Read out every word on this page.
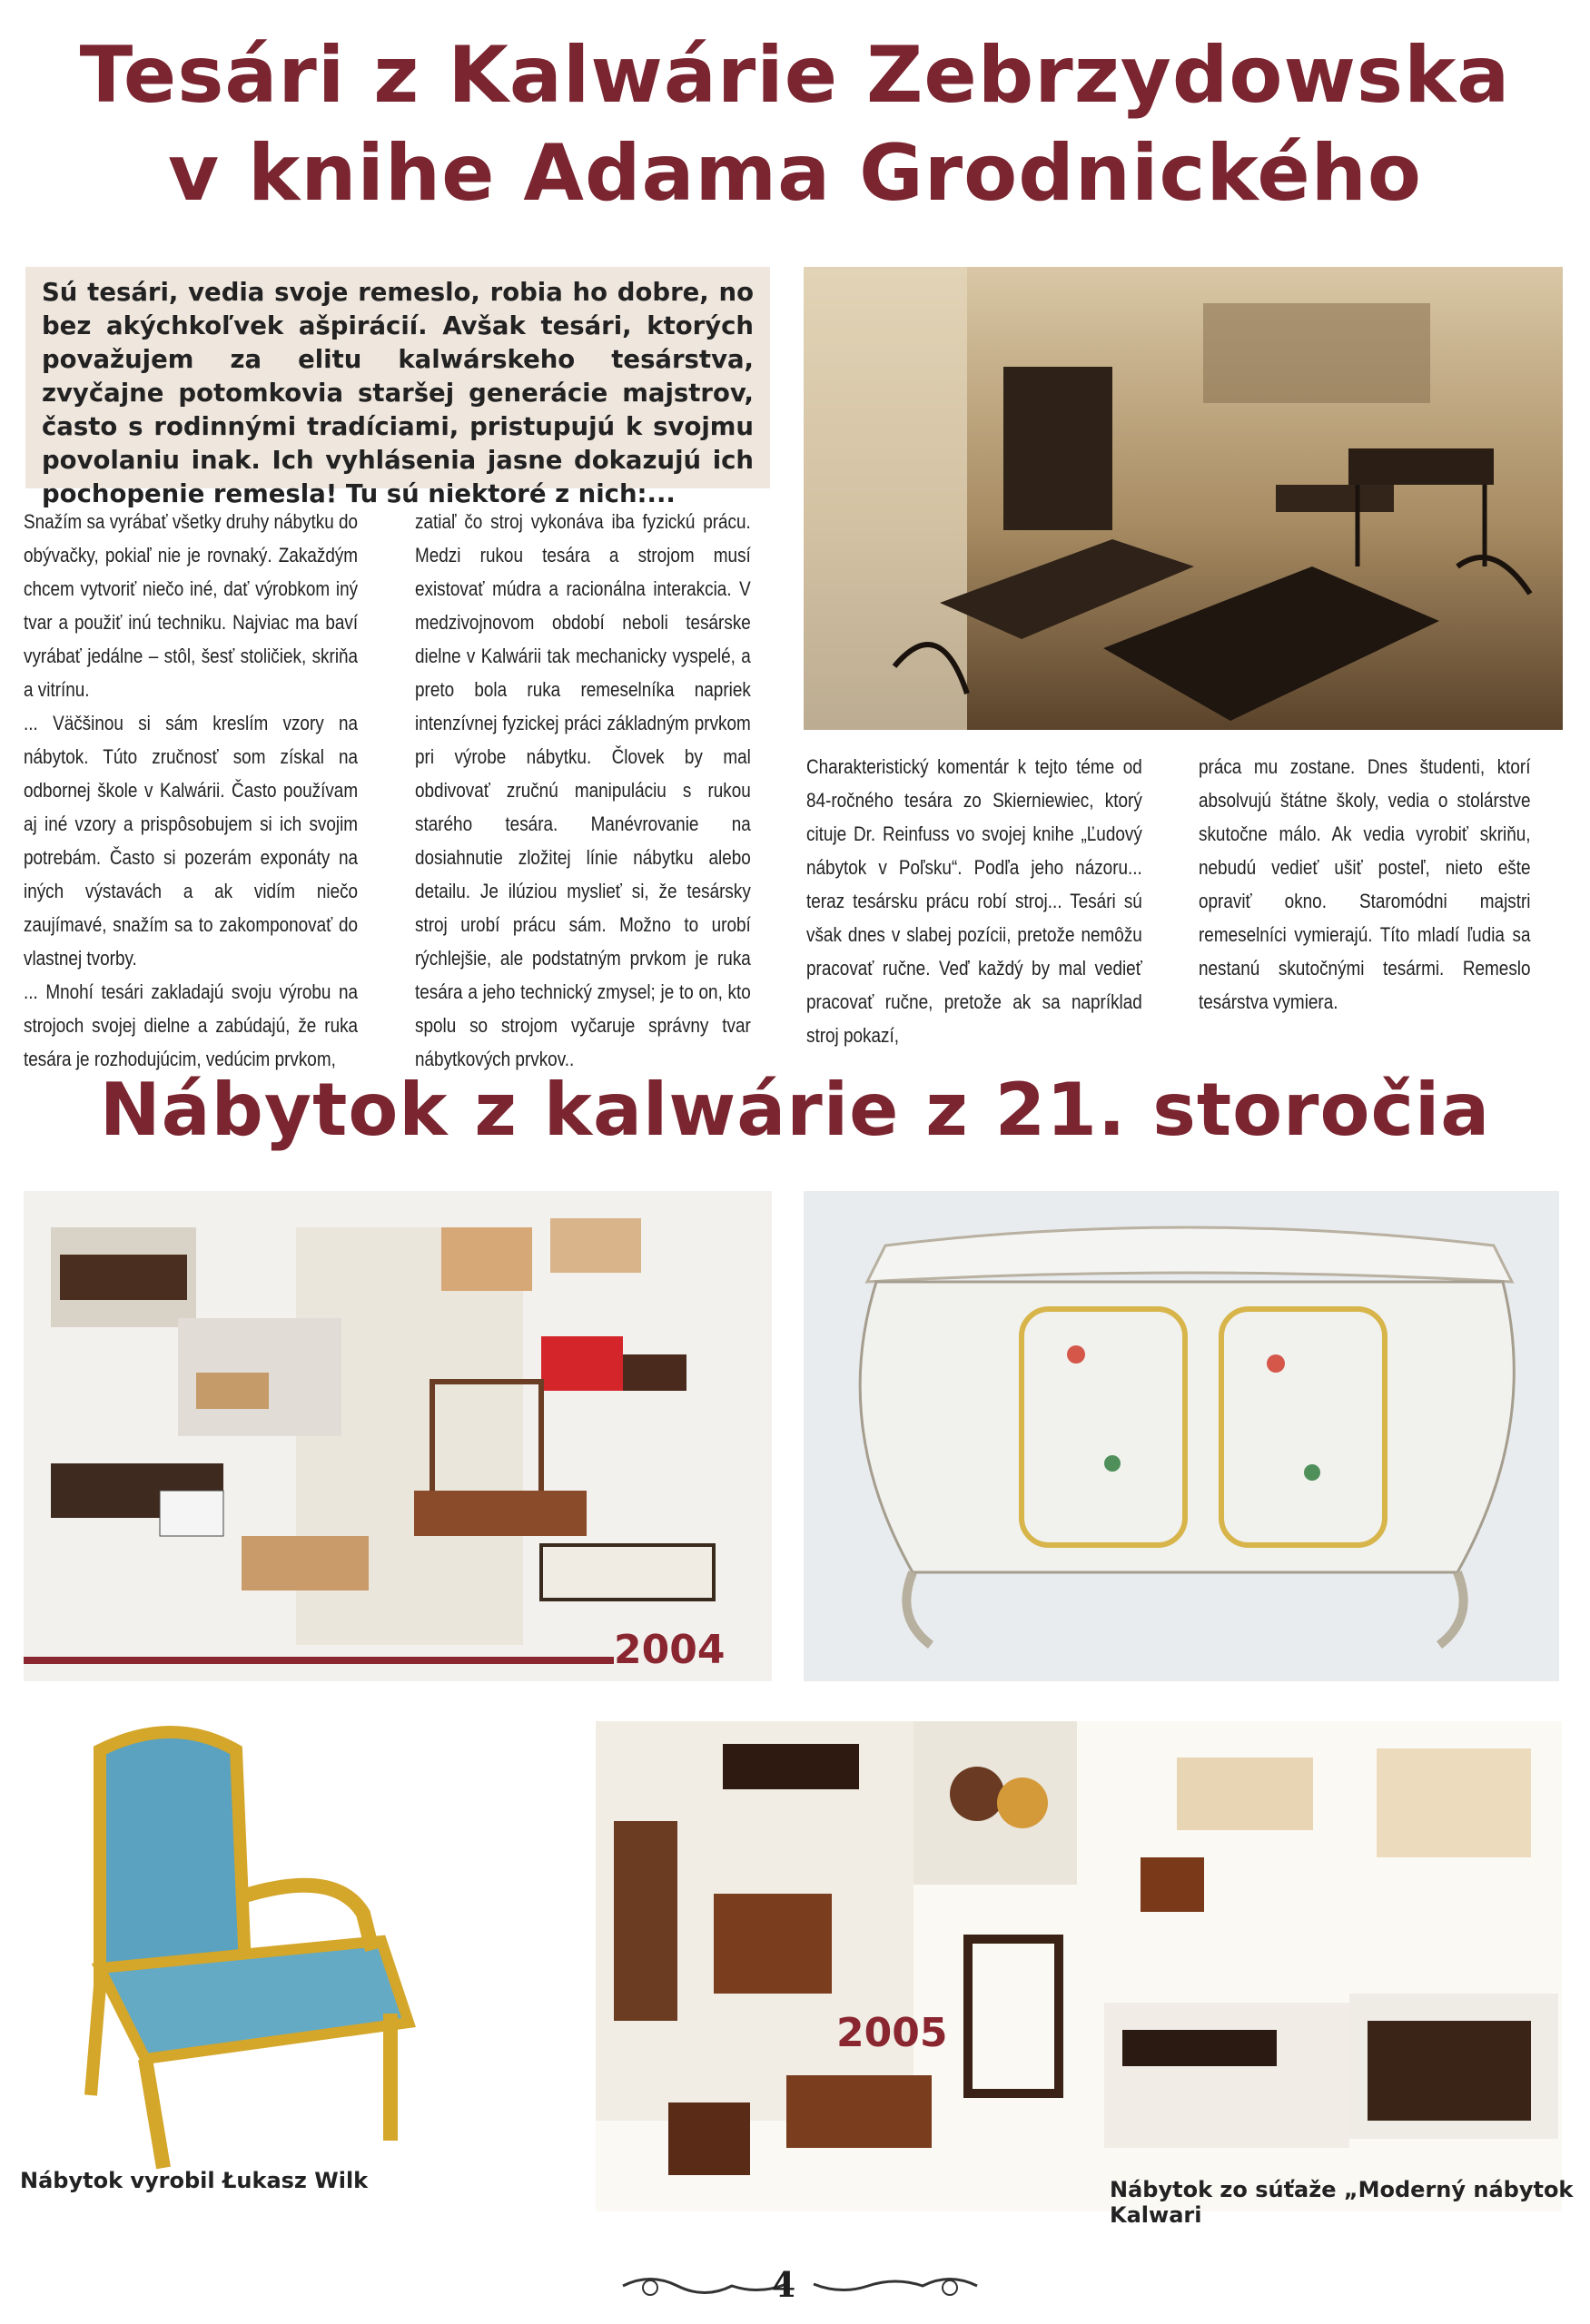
Tesári z Kalwárie Zebrzydowska
v knihe Adama Grodnického
Sú tesári, vedia svoje remeslo, robia ho dobre, no bez akýchkoľvek ašpirácií. Avšak tesári, ktorých považujem za elitu kalwárskeho tesárstva, zvyčajne potomkovia staršej generácie majstrov, často s rodinnými tradíciami, pristupujú k svojmu povolaniu inak. Ich vyhlásenia jasne dokazujú ich pochopenie remesla! Tu sú niektoré z nich:...

Snažím sa vyrábať všetky druhy nábytku do obývačky, pokiaľ nie je rovnaký. Zakaždým chcem vytvoriť niečo iné, dať výrobkom iný tvar a použiť inú techniku. Najviac ma baví vyrábať jedálne – stôl, šesť stoličiek, skriňa a vitrínu.

... Väčšinou si sám kreslím vzory na nábytok. Túto zručnosť som získal na odbornej škole v Kalwárii. Často používam aj iné vzory a prispôsobujem si ich svojim potrebám. Často si pozerám exponáty na iných výstavách a ak vidím niečo zaujímavé, snažím sa to zakomponovať do vlastnej tvorby.

... Mnohí tesári zakladajú svoju výrobu na strojoch svojej dielne a zabúdajú, že ruka tesára je rozhodujúcim, vedúcim prvkom,

zatiaľ čo stroj vykonáva iba fyzickú prácu. Medzi rukou tesára a strojom musí existovať múdra a racionálna interakcia. V medzivojnovom období neboli tesárske dielne v Kalwárii tak mechanicky vyspelé, a preto bola ruka remeselníka napriek intenzívnej fyzickej práci základným prvkom pri výrobe nábytku. Človek by mal obdivovať zručnú manipuláciu s rukou starého tesára. Manévrovanie na dosiahnutie zložitej línie nábytku alebo detailu. Je ilúziou myslieť si, že tesársky stroj urobí prácu sám. Možno to urobí rýchlejšie, ale podstatným prvkom je ruka tesára a jeho technický zmysel; je to on, kto spolu so strojom vyčaruje správny tvar nábytkových prvkov..

Charakteristický komentár k tejto téme od 84-ročného tesára zo Skierniewiec, ktorý cituje Dr. Reinfuss vo svojej knihe „Ľudový nábytok v Poľsku“. Podľa jeho názoru... teraz tesársku prácu robí stroj... Tesári sú však dnes v slabej pozícii, pretože nemôžu pracovať ručne. Veď každý by mal vedieť pracovať ručne, pretože ak sa napríklad stroj pokazí,

práca mu zostane. Dnes študenti, ktorí absolvujú štátne školy, vedia o stolárstve skutočne málo. Ak vedia vyrobiť skriňu, nebudú vedieť ušiť posteľ, nieto ešte opraviť okno. Staromódni majstri remeselníci vymierajú. Títo mladí ľudia sa nestanú skutočnými tesármi. Remeslo tesárstva vymiera.

Nábytok z kalwárie z 21. storočia
2004
Nábytok vyrobil Łukasz Wilk
2005
Nábytok zo súťaže „Moderný nábytok Kalwari
4
